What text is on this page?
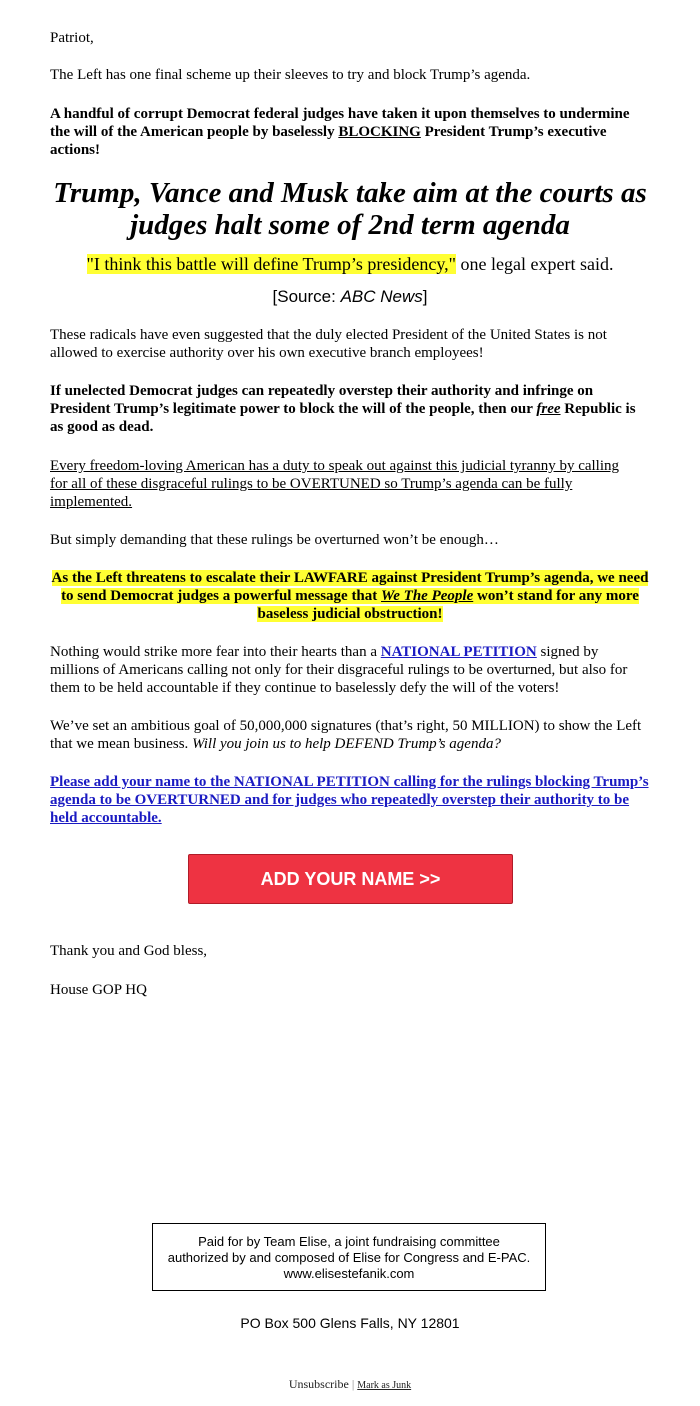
Patriot,

The Left has one final scheme up their sleeves to try and block Trump’s agenda.

A handful of corrupt Democrat federal judges have taken it upon themselves to undermine the will of the American people by baselessly BLOCKING President Trump’s executive actions!

Trump, Vance and Musk take aim at the courts as judges halt some of 2nd term agenda

"I think this battle will define Trump’s presidency," one legal expert said.

[Source: ABC News]

These radicals have even suggested that the duly elected President of the United States is not allowed to exercise authority over his own executive branch employees!

If unelected Democrat judges can repeatedly overstep their authority and infringe on President Trump’s legitimate power to block the will of the people, then our free Republic is as good as dead.

Every freedom-loving American has a duty to speak out against this judicial tyranny by calling for all of these disgraceful rulings to be OVERTUNED so Trump’s agenda can be fully implemented.

But simply demanding that these rulings be overturned won’t be enough…

As the Left threatens to escalate their LAWFARE against President Trump’s agenda, we need to send Democrat judges a powerful message that We The People won’t stand for any more baseless judicial obstruction!

Nothing would strike more fear into their hearts than a NATIONAL PETITION signed by millions of Americans calling not only for their disgraceful rulings to be overturned, but also for them to be held accountable if they continue to baselessly defy the will of the voters!

We’ve set an ambitious goal of 50,000,000 signatures (that’s right, 50 MILLION) to show the Left that we mean business. Will you join us to help DEFEND Trump’s agenda?

Please add your name to the NATIONAL PETITION calling for the rulings blocking Trump’s agenda to be OVERTURNED and for judges who repeatedly overstep their authority to be held accountable.

ADD YOUR NAME >>

Thank you and God bless,

House GOP HQ

Paid for by Team Elise, a joint fundraising committee authorized by and composed of Elise for Congress and E-PAC. www.elisestefanik.com
PO Box 500 Glens Falls, NY 12801
Unsubscribe | Mark as Junk
